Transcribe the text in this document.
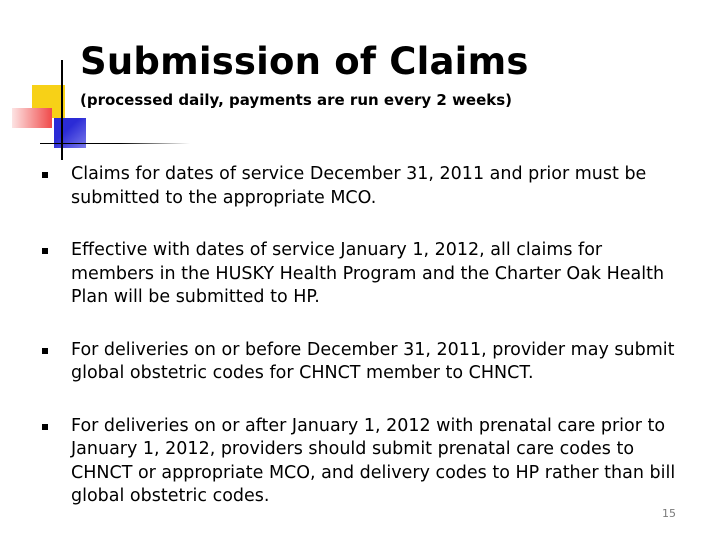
Submission of Claims
(processed daily, payments are run every 2 weeks)
Claims for dates of service December 31, 2011 and prior must be submitted to the appropriate MCO.
Effective with dates of service January 1, 2012, all claims for members in the HUSKY Health Program and the Charter Oak Health Plan will be submitted to HP.
For deliveries on or before December 31, 2011, provider may submit global obstetric codes for CHNCT member to CHNCT.
For deliveries on or after January 1, 2012 with prenatal care prior to January 1, 2012, providers should submit prenatal care codes to CHNCT or appropriate MCO, and delivery codes to HP rather than bill global obstetric codes.
15
